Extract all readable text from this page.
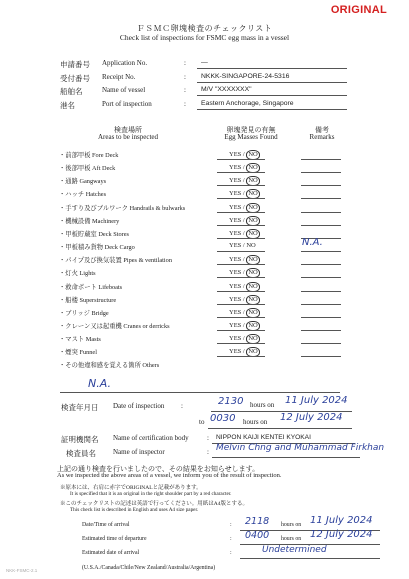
ORIGINAL
ＦＳＭＣ卵塊検査のチェックリスト
Check list of inspections for FSMC egg mass in a vessel
申請番号 Application No.	: —
受付番号 Receipt No.	: NKKK-SINGAPORE-24-5316
船舶名	Name of vessel	: M/V "XXXXXXX"
港名	Port of inspection	: Eastern Anchorage, Singapore
検査場所
Areas to be inspected
卵塊発見の有無
Egg Masses Found
備考
Remarks
・前部甲板 Fore Deck	YES / NO
・後部甲板 Aft Deck	YES / NO
・通路 Gangways	YES / NO
・ハッチ Hatches	YES / NO
・手すり及びブルワーク Handrails & bulwarks	YES / NO
・機械設備 Machinery	YES / NO
・甲板貯蔵室 Deck Stores	YES / NO
・甲板積み貨物 Deck Cargo	YES / NO	N.A.
・パイプ及び換気装置 Pipes & ventilation	YES / NO
・灯火 Lights	YES / NO
・救命ボート Lifeboats	YES / NO
・船楼 Superstructure	YES / NO
・ブリッジ Bridge	YES / NO
・クレーン又は起重機 Cranes or derricks	YES / NO
・マスト Masts	YES / NO
・煙突 Funnel	YES / NO
・その他違和感を覚える箇所 Others
N.A.
検査年月日 Date of inspection :	2130 hours on 11 July 2024
to 0030 hours on 12 July 2024
証明機関名 Name of certification body	: NIPPON KAIJI KENTEI KYOKAI
検査員名 Name of inspector	: Melvin Chng and Muhammad Firkhan
上記の通り検査を行いましたので、その結果をお知らせします。
As we inspected the above areas of a vessel, we inform you of the result of inspection.
※原本には、右肩に赤字でORIGINALと記載があります。
It is specified that it is an original in the right shoulder part by a red character.
※このチェックリストの記述は英語で行ってください。用紙はA4版とする。
This check list is described in English and uses A4 size paper.
Date/Time of arrival	: 2118 hours on 11 July 2024
Estimated time of departure	: 0400 hours on 12 July 2024
Estimated date of arrival	:	Undetermined
(U.S.A./Canada/Chile/New Zealand/Australia/Argentina)
NKK-FSMC-2.1
